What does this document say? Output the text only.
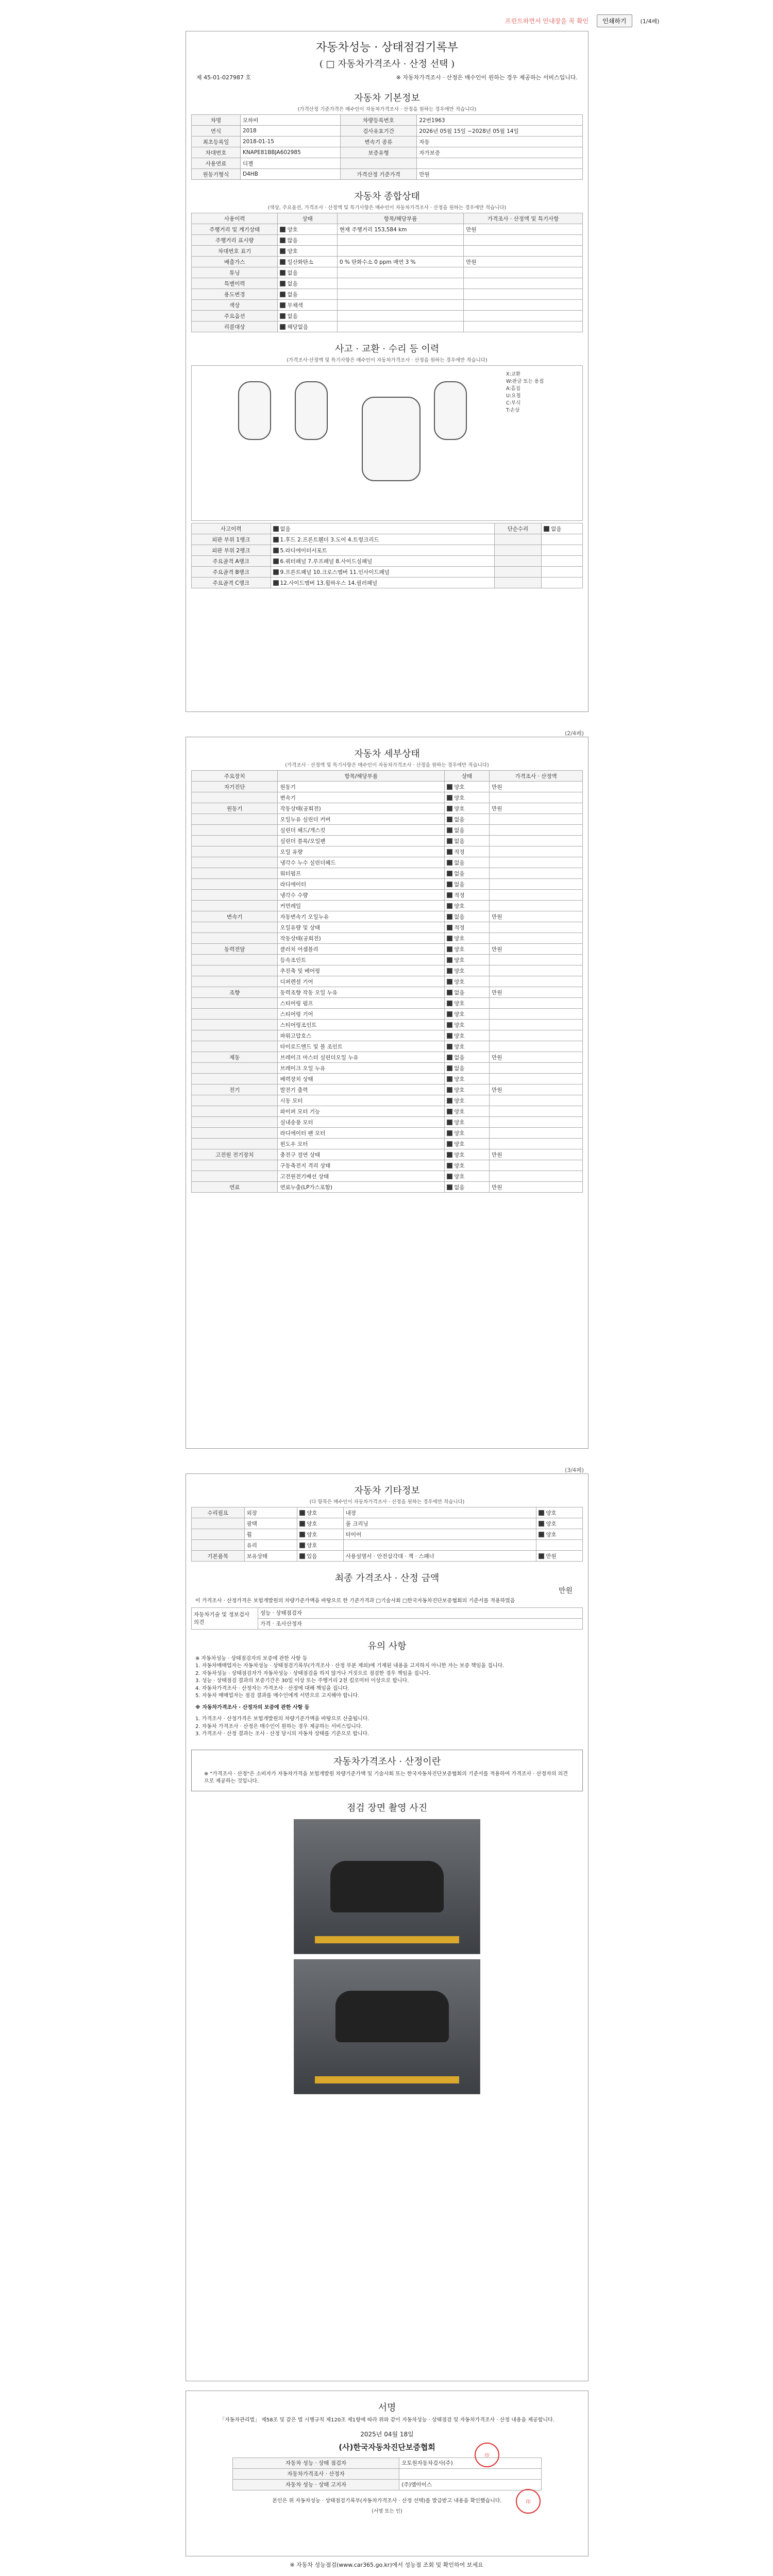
프린트하면서 안내장을 꼭 확인	인쇄하기	(1/4페)
자동차성능 · 상태점검기록부
( □ 자동차가격조사 · 산정 선택 )
제 45-01-027987 호	※ 자동차가격조사 · 산정은 매수인이 원하는 경우 제공하는 서비스입니다.
자동차 기본정보
(가격산정 기준가격은 매수인이 자동차가격조사 · 산정을 원하는 경우에만 적습니다)
차명	모하비	차량등록번호	22번1963
연식	2018	검사유효기간	2026년 05월 15일 ~2028년 05월 14일
최초등록일	2018-01-15	변속기 종류	자동
차대번호	KNAPE81BBJA602985	보증유형	자가보증
사용연료	디젤		
원동기형식	D4HB	가격산정 기준가격	만원
자동차 종합상태
(색상, 주요옵션, 가격조사 · 산정액 및 특기사항은 매수인이 자동차가격조사 · 산정을 원하는 경우에만 적습니다)
사용이력	상태	항목/해당부품	가격조사 · 산정액 및 특기사항
주행거리 및 계기상태	양호	현재 주행거리 153,584 km	만원
주행거리 표시량	많음		
차대번호 표기	양호		
배출가스	일산화탄소	0 % 탄화수소 0 ppm 매연 3 %	만원
튜닝	없음		
특별이력	없음		
용도변경	없음		
색상	무채색		
주요옵션	없음		
리콜대상	해당없음		
사고 · 교환 · 수리 등 이력
(가격조사·산정액 및 특기사항은 매수인이 자동차가격조사 · 산정을 원하는 경우에만 적습니다)
X:교환
W:판금 또는 용접
A:흠집
U:요철
C:부식
T:손상
사고이력	없음	단순수리	없음
외판 부위 1랭크	1.후드 2.프론트휀더 3.도어 4.트렁크리드		
외판 부위 2랭크	5.라디에이터서포트		
주요골격 A랭크	6.쿼터패널 7.루프패널 8.사이드실패널		
주요골격 B랭크	9.프론트패널 10.크로스멤버 11.인사이드패널		
주요골격 C랭크	12.사이드멤버 13.휠하우스 14.필러패널		
(2/4페)
자동차 세부상태
(가격조사 · 산정액 및 특기사항은 매수인이 자동차가격조사 · 산정을 원하는 경우에만 적습니다)
주요장치	항목/해당부품	상태	가격조사 · 산정액
자기진단	원동기	양호	만원
	변속기	양호	
원동기	작동상태(공회전)	양호	만원
	오일누유 실린더 커버	없음	
	실린더 헤드/개스킷	없음	
	실린더 블록/오일팬	없음	
	오일 유량	적정	
	냉각수 누수 실린더헤드	없음	
	워터펌프	없음	
	라디에이터	없음	
	냉각수 수량	적정	
	커먼레일	양호	
변속기	자동변속기 오일누유	없음	만원
	오일유량 및 상태	적정	
	작동상태(공회전)	양호	
동력전달	클러치 어셈블리	양호	만원
	등속조인트	양호	
	추진축 및 베어링	양호	
	디퍼렌셜 기어	양호	
조향	동력조향 작동 오일 누유	없음	만원
	스티어링 펌프	양호	
	스티어링 기어	양호	
	스티어링조인트	양호	
	파워고압호스	양호	
	타이로드엔드 및 볼 조인트	양호	
제동	브레이크 마스터 실린더오일 누유	없음	만원
	브레이크 오일 누유	없음	
	배력장치 상태	양호	
전기	발전기 출력	양호	만원
	시동 모터	양호	
	와이퍼 모터 기능	양호	
	실내송풍 모터	양호	
	라디에이터 팬 모터	양호	
	윈도우 모터	양호	
고전원 전기장치	충전구 절연 상태	양호	만원
	구동축전지 격리 상태	양호	
	고전원전기배선 상태	양호	
연료	연료누출(LP가스포함)	없음	만원
(3/4페)
자동차 기타정보
(다 항목은 매수인이 자동차가격조사 · 산정을 원하는 경우에만 적습니다)
수리필요	외장	양호	내장	양호
	광택	양호	룸 크리닝	양호
	휠	양호	타이어	양호
	유리	양호		
기본품목	보유상태	있음	사용설명서 · 안전삼각대 · 잭 · 스패너	만원
최종 가격조사 · 산정 금액
만원
이 가격조사 · 산정가격은 보험개발원의 차량가준가액을 바탕으로 한 기준가격과 □기술사회 □한국자동차진단보증협회의 기준서를 적용하였음
자동차기술 및 정보검사 의견	성능 · 상태점검자
가격 · 조사산정자
유의 사항
※ 자동차성능 · 상태점검자의 보증에 관한 사항 등
1. 자동차매매업자는 자동차성능 · 상태점검기록부(가격조사 · 산정 부분 제외)에 기재된 내용을 고지하지 아니한 자는 보증 책임을 집니다.
2. 자동차성능 · 상태점검자가 자동차성능 · 상태점검을 하지 않거나 거짓으로 점검한 경우 책임을 집니다.
3. 성능 · 상태점검 결과의 보증기간은 30일 이상 또는 주행거리 2천 킬로미터 이상으로 합니다.
4. 자동차가격조사 · 산정자는 가격조사 · 산정에 대해 책임을 집니다.
5. 자동차 매매업자는 점검 결과를 매수인에게 서면으로 고지해야 합니다.
※ 자동차가격조사 · 산정자의 보증에 관한 사항 등
1. 가격조사 · 산정가격은 보험개발원의 차량기준가액을 바탕으로 산출됩니다.
2. 자동차 가격조사 · 산정은 매수인이 원하는 경우 제공하는 서비스입니다.
3. 가격조사 · 산정 결과는 조사 · 산정 당시의 자동차 상태를 기준으로 합니다.
자동차가격조사 · 산정이란
※ "가격조사 · 산정"은 소비자가 자동차가격을 보험개발원 차량기준가액 및 기술사회 또는 한국자동차진단보증협회의 기준서를 적용하여 가격조사 · 산정자의 의견으로 제공하는 것입니다.
점검 장면 촬영 사진
서명
「자동차관리법」 제58조 및 같은 법 시행규칙 제120조 제1항에 따라 위와 같이 자동차성능 · 상태점검 및 자동차가격조사 · 산정 내용을 제공합니다.
2025년 04월 18일
(사)한국자동차진단보증협회
印
자동차 성능 · 상태 점검자	오토원자동차검사(주)
자동차가격조사 · 산정자	
자동차 성능 · 상태 고지자	(주)엠아이스
印
본인은 위 자동차성능 · 상태점검기록부(자동차가격조사 · 산정 선택)를 발급받고 내용을 확인했습니다.
(서명 또는 인)
※ 자동차 성능점검(www.car365.go.kr)에서 성능점 조회 및 확인하여 보세요
